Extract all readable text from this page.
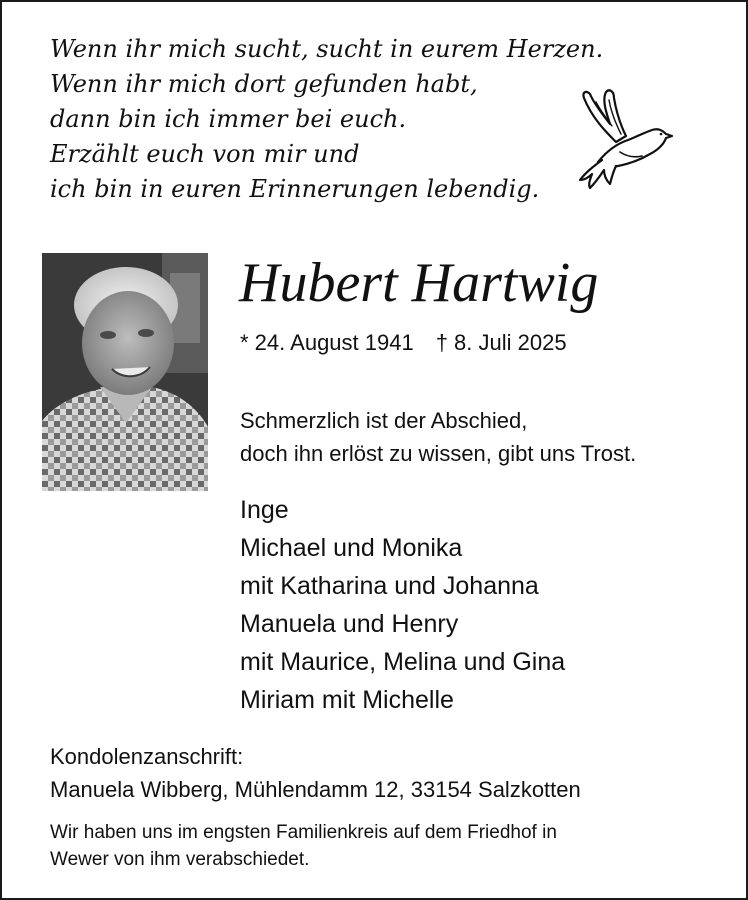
Wenn ihr mich sucht, sucht in eurem Herzen.
Wenn ihr mich dort gefunden habt,
dann bin ich immer bei euch.
Erzählt euch von mir und
ich bin in euren Erinnerungen lebendig.
Hubert Hartwig
* 24. August 1941 † 8. Juli 2025
Schmerzlich ist der Abschied,
doch ihn erlöst zu wissen, gibt uns Trost.
Inge
Michael und Monika
mit Katharina und Johanna
Manuela und Henry
mit Maurice, Melina und Gina
Miriam mit Michelle
Kondolenzanschrift:
Manuela Wibberg, Mühlendamm 12, 33154 Salzkotten
Wir haben uns im engsten Familienkreis auf dem Friedhof in
Wewer von ihm verabschiedet.
